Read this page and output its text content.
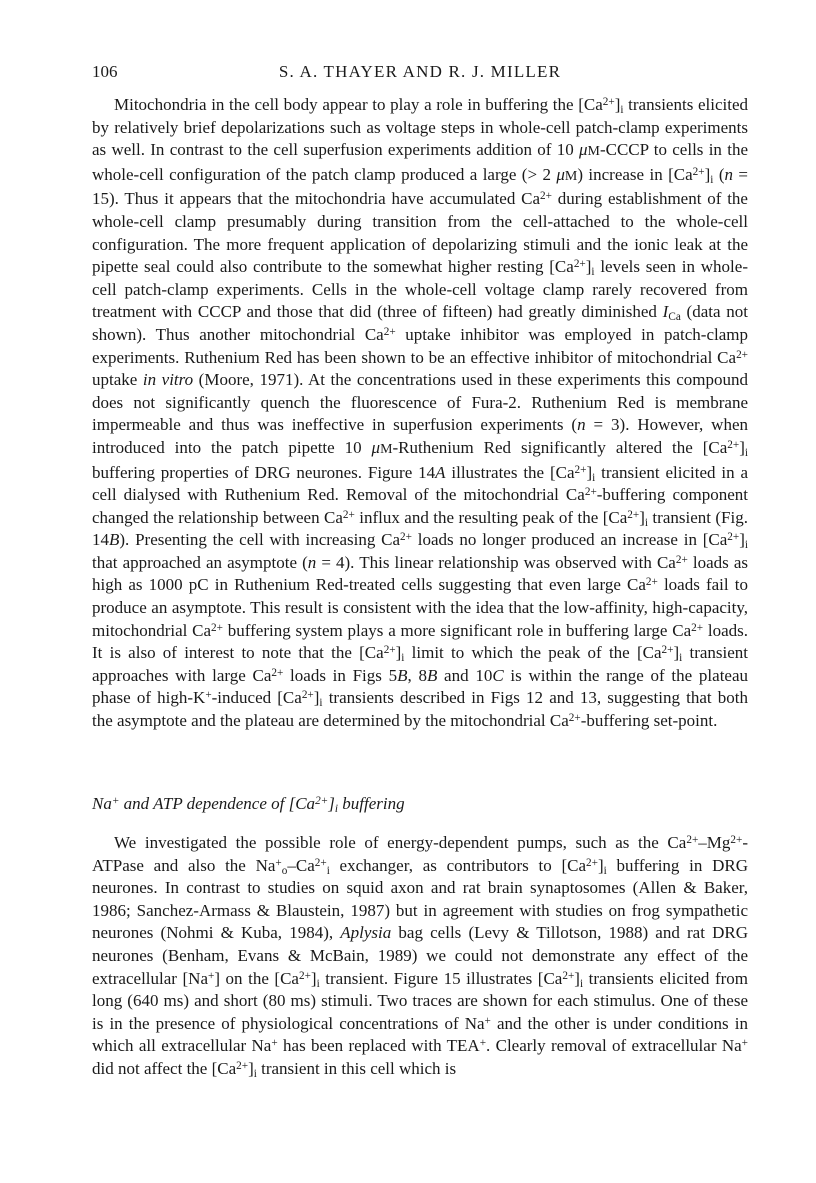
106	S. A. THAYER AND R. J. MILLER

Mitochondria in the cell body appear to play a role in buffering the $[Ca^{2+}]_i$ transients elicited by relatively brief depolarizations such as voltage steps in whole-cell patch-clamp experiments as well. In contrast to the cell superfusion experiments addition of 10 μM-CCCP to cells in the whole-cell configuration of the patch clamp produced a large (> 2 μM) increase in $[Ca^{2+}]_i$ (n = 15). Thus it appears that the mitochondria have accumulated $Ca^{2+}$ during establishment of the whole-cell clamp presumably during transition from the cell-attached to the whole-cell configuration. The more frequent application of depolarizing stimuli and the ionic leak at the pipette seal could also contribute to the somewhat higher resting $[Ca^{2+}]_i$ levels seen in whole-cell patch-clamp experiments. Cells in the whole-cell voltage clamp rarely recovered from treatment with CCCP and those that did (three of fifteen) had greatly diminished $I_{Ca}$ (data not shown). Thus another mitochondrial $Ca^{2+}$ uptake inhibitor was employed in patch-clamp experiments. Ruthenium Red has been shown to be an effective inhibitor of mitochondrial $Ca^{2+}$ uptake in vitro (Moore, 1971). At the concentrations used in these experiments this compound does not significantly quench the fluorescence of Fura-2. Ruthenium Red is membrane impermeable and thus was ineffective in superfusion experiments (n = 3). However, when introduced into the patch pipette 10 μM-Ruthenium Red significantly altered the $[Ca^{2+}]_i$ buffering properties of DRG neurones. Figure 14A illustrates the $[Ca^{2+}]_i$ transient elicited in a cell dialysed with Ruthenium Red. Removal of the mitochondrial $Ca^{2+}$-buffering component changed the relationship between $Ca^{2+}$ influx and the resulting peak of the $[Ca^{2+}]_i$ transient (Fig. 14B). Presenting the cell with increasing $Ca^{2+}$ loads no longer produced an increase in $[Ca^{2+}]_i$ that approached an asymptote (n = 4). This linear relationship was observed with $Ca^{2+}$ loads as high as 1000 pC in Ruthenium Red-treated cells suggesting that even large $Ca^{2+}$ loads fail to produce an asymptote. This result is consistent with the idea that the low-affinity, high-capacity, mitochondrial $Ca^{2+}$ buffering system plays a more significant role in buffering large $Ca^{2+}$ loads. It is also of interest to note that the $[Ca^{2+}]_i$ limit to which the peak of the $[Ca^{2+}]_i$ transient approaches with large $Ca^{2+}$ loads in Figs 5B, 8B and 10C is within the range of the plateau phase of high-K+-induced $[Ca^{2+}]_i$ transients described in Figs 12 and 13, suggesting that both the asymptote and the plateau are determined by the mitochondrial $Ca^{2+}$-buffering set-point.

Na+ and ATP dependence of $[Ca^{2+}]_i$ buffering

We investigated the possible role of energy-dependent pumps, such as the $Ca^{2+}-Mg^{2+}$-ATPase and also the $Na^+_o-Ca^{2+}_i$ exchanger, as contributors to $[Ca^{2+}]_i$ buffering in DRG neurones. In contrast to studies on squid axon and rat brain synaptosomes (Allen & Baker, 1986; Sanchez-Armass & Blaustein, 1987) but in agreement with studies on frog sympathetic neurones (Nohmi & Kuba, 1984), Aplysia bag cells (Levy & Tillotson, 1988) and rat DRG neurones (Benham, Evans & McBain, 1989) we could not demonstrate any effect of the extracellular [Na+] on the $[Ca^{2+}]_i$ transient. Figure 15 illustrates $[Ca^{2+}]_i$ transients elicited from long (640 ms) and short (80 ms) stimuli. Two traces are shown for each stimulus. One of these is in the presence of physiological concentrations of Na+ and the other is under conditions in which all extracellular Na+ has been replaced with TEA+. Clearly removal of extracellular Na+ did not affect the $[Ca^{2+}]_i$ transient in this cell which is
